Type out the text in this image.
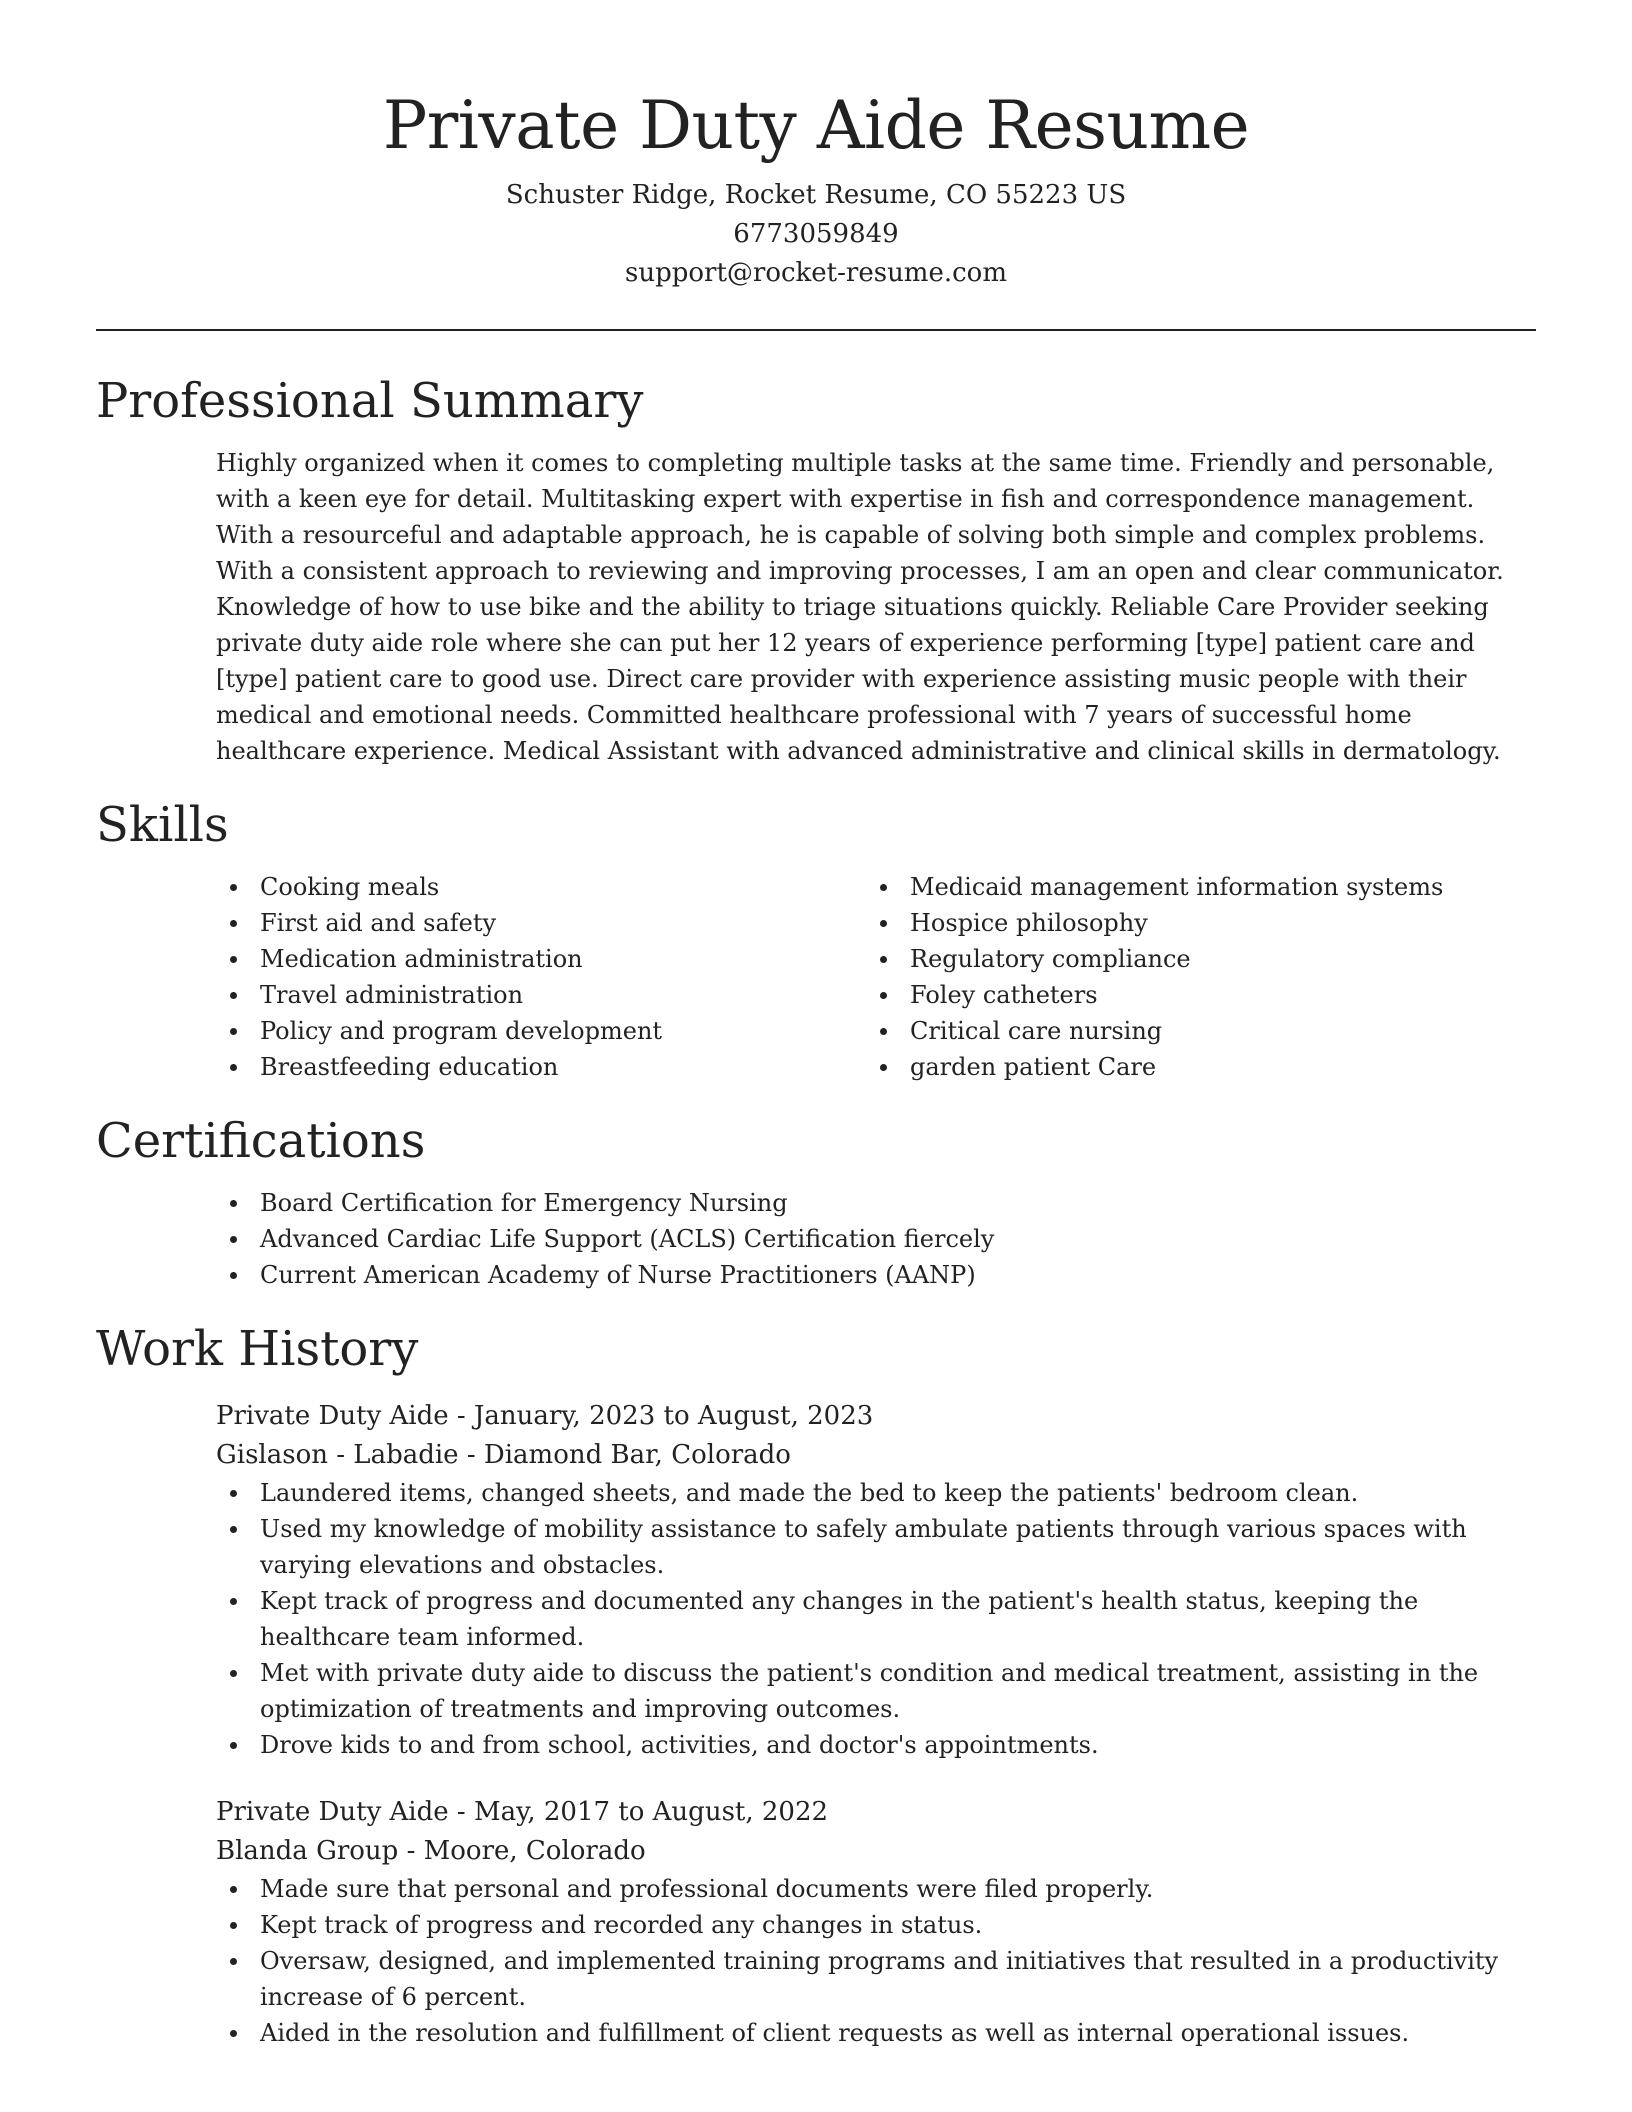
Private Duty Aide Resume
Schuster Ridge, Rocket Resume, CO 55223 US
6773059849
support@rocket-resume.com
Professional Summary

Highly organized when it comes to completing multiple tasks at the same time. Friendly and personable, with a keen eye for detail. Multitasking expert with expertise in fish and correspondence management. With a resourceful and adaptable approach, he is capable of solving both simple and complex problems. With a consistent approach to reviewing and improving processes, I am an open and clear communicator. Knowledge of how to use bike and the ability to triage situations quickly. Reliable Care Provider seeking private duty aide role where she can put her 12 years of experience performing [type] patient care and [type] patient care to good use. Direct care provider with experience assisting music people with their medical and emotional needs. Committed healthcare professional with 7 years of successful home healthcare experience. Medical Assistant with advanced administrative and clinical skills in dermatology.

Skills
Cooking meals
First aid and safety
Medication administration
Travel administration
Policy and program development
Breastfeeding education
Medicaid management information systems
Hospice philosophy
Regulatory compliance
Foley catheters
Critical care nursing
garden patient Care
Certifications
Board Certification for Emergency Nursing
Advanced Cardiac Life Support (ACLS) Certification fiercely
Current American Academy of Nurse Practitioners (AANP)
Work History
Private Duty Aide - January, 2023 to August, 2023
Gislason - Labadie - Diamond Bar, Colorado
Laundered items, changed sheets, and made the bed to keep the patients' bedroom clean.
Used my knowledge of mobility assistance to safely ambulate patients through various spaces with varying elevations and obstacles.
Kept track of progress and documented any changes in the patient's health status, keeping the healthcare team informed.
Met with private duty aide to discuss the patient's condition and medical treatment, assisting in the optimization of treatments and improving outcomes.
Drove kids to and from school, activities, and doctor's appointments.
Private Duty Aide - May, 2017 to August, 2022
Blanda Group - Moore, Colorado
Made sure that personal and professional documents were filed properly.
Kept track of progress and recorded any changes in status.
Oversaw, designed, and implemented training programs and initiatives that resulted in a productivity increase of 6 percent.
Aided in the resolution and fulfillment of client requests as well as internal operational issues.
